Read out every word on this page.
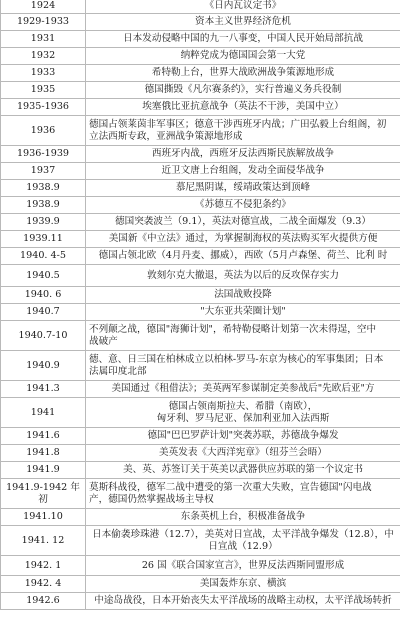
1924	《日内瓦议定书》

1929-1933	资本主义世界经济危机

1931	日本发动侵略中国的九一八事变，中国人民开始局部抗战

1932	纳粹党成为德国国会第一大党

1933	希特勒上台，世界大战欧洲战争策源地形成

1935	德国撕毁《凡尔赛条约》，实行普遍义务兵役制

1935-1936	埃塞俄比亚抗意战争（英法不干涉，美国中立）

1936	德国占领莱茵非军事区；德意干涉西班牙内战；广田弘毅上台组阁，初
立法西斯专政，亚洲战争策源地形成

1936-1939	西班牙内战，西班牙反法西斯民族解放战争

1937	近卫文唐上台组阁，发动全面侵华战争

1938.9	慕尼黑阴谋，绥靖政策达到顶峰

1938.9	《苏德互不侵犯条约》

1939.9	德国突袭波兰（9.1），英法对德宣战，二战全面爆发（9.3）

1939.11	美国新《中立法》通过，为掌握制海权的英法购买军火提供方便

1940. 4-5	德国占领北欧（4月丹麦、挪威），西欧（5月卢森堡、荷兰、比利 时

1940.5	敦刻尔克大撤退，英法为以后的反攻保存实力

1940. 6	法国战败投降

1940.7	"大东亚共荣圈计划"

1940.7-10	不列颠之战，德国"海狮计划"，希特勒侵略计划第一次未得逞，空中
战破产

1940.9	德、意、日三国在柏林成立以柏林-罗马-东京为核心的军事集团；日本
法属印度北部

1941.3	美国通过《租借法》；美英两军参谋制定美参战后"先欧后亚"方

1941	德国占领南斯拉夫、希腊（南欧），
匈牙利、罗马尼亚、保加利亚加入法西斯

1941.6	德国"巴巴罗萨计划"突袭苏联，苏德战争爆发

1941.8	美英发表《大西洋宪章》（纽芬兰会晤）

1941.9	美、英、苏签订关于英美以武器供应苏联的第一个议定书

1941.9-1942 年初	莫斯科战役，德军二战中遭受的第一次重大失败，宣告德国"闪电战
产，德国仍然掌握战场主导权

1941.10	东条英机上台，积极准备战争

1941. 12	日本偷袭珍珠港（12.7），美英对日宣战，太平洋战争爆发（12.8），中
日宣战（12.9）

1942. 1	26 国《联合国家宣言》，世界反法西斯同盟形成

1942. 4	美国轰炸东京、横滨

1942.6	中途岛战役，日本开始丧失太平洋战场的战略主动权，太平洋战场转折
